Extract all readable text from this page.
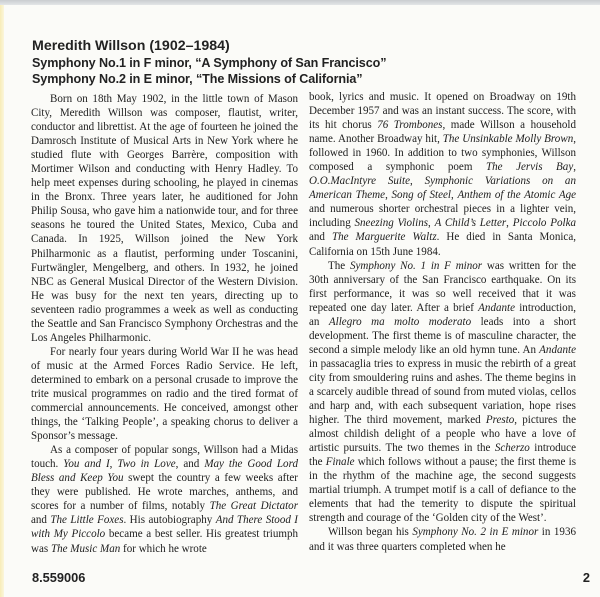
Meredith Willson (1902–1984)
Symphony No.1 in F minor, “A Symphony of San Francisco”
Symphony No.2 in E minor, “The Missions of California”

Born on 18th May 1902, in the little town of Mason City, Meredith Willson was composer, flautist, writer, conductor and librettist. At the age of fourteen he joined the Damrosch Institute of Musical Arts in New York where he studied flute with Georges Barrère, composition with Mortimer Wilson and conducting with Henry Hadley. To help meet expenses during schooling, he played in cinemas in the Bronx. Three years later, he auditioned for John Philip Sousa, who gave him a nationwide tour, and for three seasons he toured the United States, Mexico, Cuba and Canada. In 1925, Willson joined the New York Philharmonic as a flautist, performing under Toscanini, Furtwängler, Mengelberg, and others. In 1932, he joined NBC as General Musical Director of the Western Division. He was busy for the next ten years, directing up to seventeen radio programmes a week as well as conducting the Seattle and San Francisco Symphony Orchestras and the Los Angeles Philharmonic.

For nearly four years during World War II he was head of music at the Armed Forces Radio Service. He left, determined to embark on a personal crusade to improve the trite musical programmes on radio and the tired format of commercial announcements. He conceived, amongst other things, the ‘Talking People’, a speaking chorus to deliver a Sponsor’s message.

As a composer of popular songs, Willson had a Midas touch. You and I, Two in Love, and May the Good Lord Bless and Keep You swept the country a few weeks after they were published. He wrote marches, anthems, and scores for a number of films, notably The Great Dictator and The Little Foxes. His autobiography And There Stood I with My Piccolo became a best seller. His greatest triumph was The Music Man for which he wrote

book, lyrics and music. It opened on Broadway on 19th December 1957 and was an instant success. The score, with its hit chorus 76 Trombones, made Willson a household name. Another Broadway hit, The Unsinkable Molly Brown, followed in 1960. In addition to two symphonies, Willson composed a symphonic poem The Jervis Bay, O.O.MacIntyre Suite, Symphonic Variations on an American Theme, Song of Steel, Anthem of the Atomic Age and numerous shorter orchestral pieces in a lighter vein, including Sneezing Violins, A Child’s Letter, Piccolo Polka and The Marguerite Waltz. He died in Santa Monica, California on 15th June 1984.

The Symphony No. 1 in F minor was written for the 30th anniversary of the San Francisco earthquake. On its first performance, it was so well received that it was repeated one day later. After a brief Andante introduction, an Allegro ma molto moderato leads into a short development. The first theme is of masculine character, the second a simple melody like an old hymn tune. An Andante in passacaglia tries to express in music the rebirth of a great city from smouldering ruins and ashes. The theme begins in a scarcely audible thread of sound from muted violas, cellos and harp and, with each subsequent variation, hope rises higher. The third movement, marked Presto, pictures the almost childish delight of a people who have a love of artistic pursuits. The two themes in the Scherzo introduce the Finale which follows without a pause; the first theme is in the rhythm of the machine age, the second suggests martial triumph. A trumpet motif is a call of defiance to the elements that had the temerity to dispute the spiritual strength and courage of the ‘Golden city of the West’.

Willson began his Symphony No. 2 in E minor in 1936 and it was three quarters completed when he

8.559006	2
